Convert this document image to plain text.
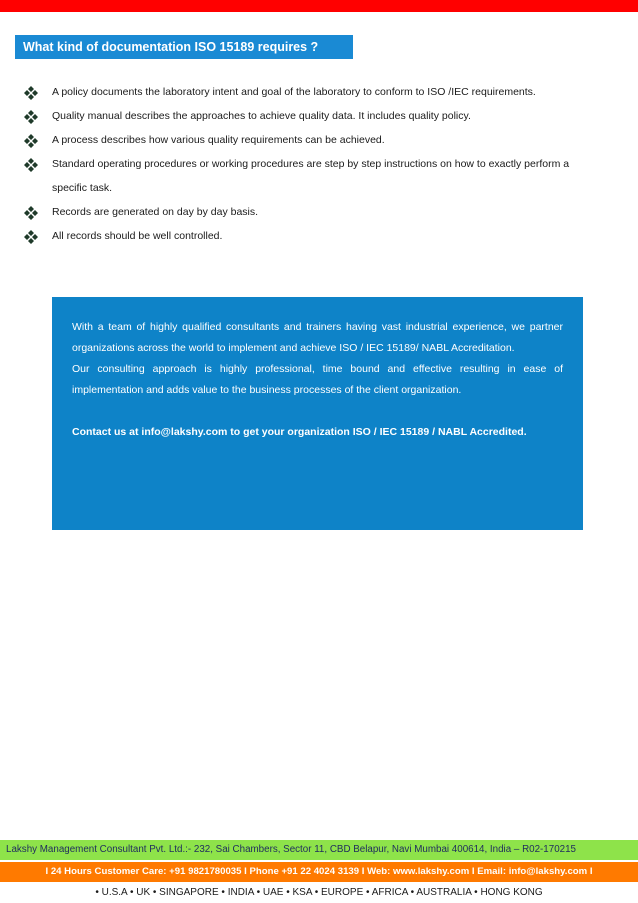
What kind of documentation ISO 15189 requires ?
A policy documents the laboratory intent and goal of the laboratory to conform to ISO /IEC requirements.
Quality manual describes the approaches to achieve quality data. It includes quality policy.
A process describes how various quality requirements can be achieved.
Standard operating procedures or working procedures are step by step instructions on how to exactly perform a specific task.
Records are generated on day by day basis.
All records should be well controlled.

With a team of highly qualified consultants and trainers having vast industrial experience, we partner organizations across the world to implement and achieve ISO / IEC 15189/ NABL Accreditation.

Our consulting approach is highly professional, time bound and effective resulting in ease of implementation and adds value to the business processes of the client organization.

Contact us at info@lakshy.com to get your organization ISO / IEC 15189 / NABL Accredited.

Lakshy Management Consultant Pvt. Ltd.:- 232, Sai Chambers, Sector 11, CBD Belapur, Navi Mumbai 400614, India – R02-170215
I 24 Hours Customer Care: +91 9821780035 I Phone +91 22 4024 3139 I Web: www.lakshy.com I Email: info@lakshy.com I
• U.S.A • UK • SINGAPORE • INDIA • UAE • KSA • EUROPE • AFRICA • AUSTRALIA • HONG KONG
